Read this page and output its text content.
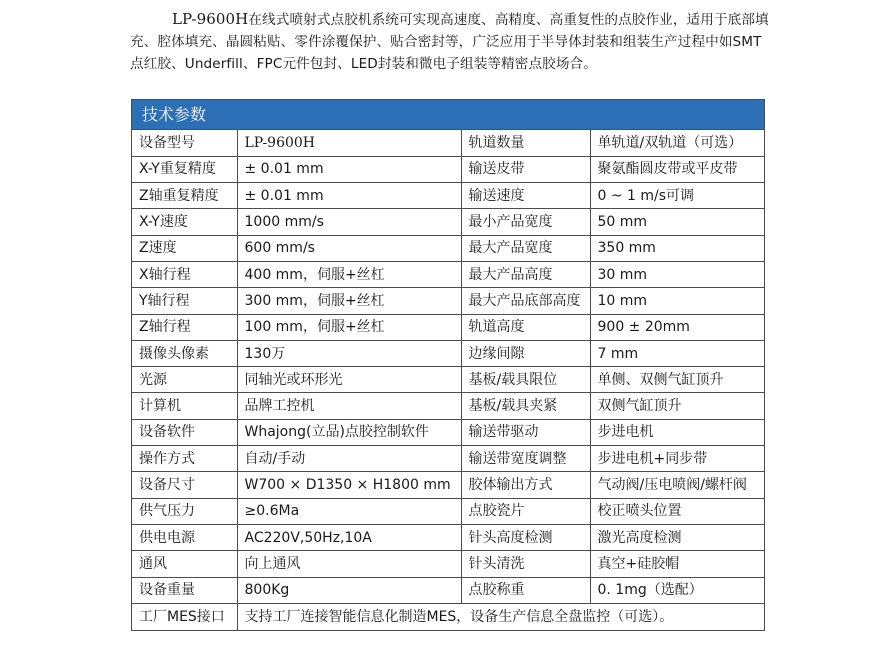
LP-9600H在线式喷射式点胶机系统可实现高速度、高精度、高重复性的点胶作业，适用于底部填充、腔体填充、晶圆粘贴、零件涂覆保护、贴合密封等，广泛应用于半导体封装和组装生产过程中如SMT点红胶、Underfill、FPC元件包封、LED封装和微电子组装等精密点胶场合。
技术参数
设备型号	LP-9600H	轨道数量	单轨道/双轨道（可选）
X-Y重复精度	± 0.01 mm	输送皮带	聚氨酯圆皮带或平皮带
Z轴重复精度	± 0.01 mm	输送速度	0 ~ 1 m/s可调
X-Y速度	1000 mm/s	最小产品宽度	50 mm
Z速度	600 mm/s	最大产品宽度	350 mm
X轴行程	400 mm，伺服+丝杠	最大产品高度	30 mm
Y轴行程	300 mm，伺服+丝杠	最大产品底部高度	10 mm
Z轴行程	100 mm，伺服+丝杠	轨道高度	900 ± 20mm
摄像头像素	130万	边缘间隙	7 mm
光源	同轴光或环形光	基板/载具限位	单侧、双侧气缸顶升
计算机	品牌工控机	基板/载具夹紧	双侧气缸顶升
设备软件	Whajong(立品)点胶控制软件	输送带驱动	步进电机
操作方式	自动/手动	输送带宽度调整	步进电机+同步带
设备尺寸	W700 × D1350 × H1800 mm	胶体输出方式	气动阀/压电喷阀/螺杆阀
供气压力	≥0.6Ma	点胶瓷片	校正喷头位置
供电电源	AC220V,50Hz,10A	针头高度检测	激光高度检测
通风	向上通风	针头清洗	真空+硅胶帽
设备重量	800Kg	点胶称重	0. 1mg（选配）
工厂MES接口	支持工厂连接智能信息化制造MES，设备生产信息全盘监控（可选）。		
